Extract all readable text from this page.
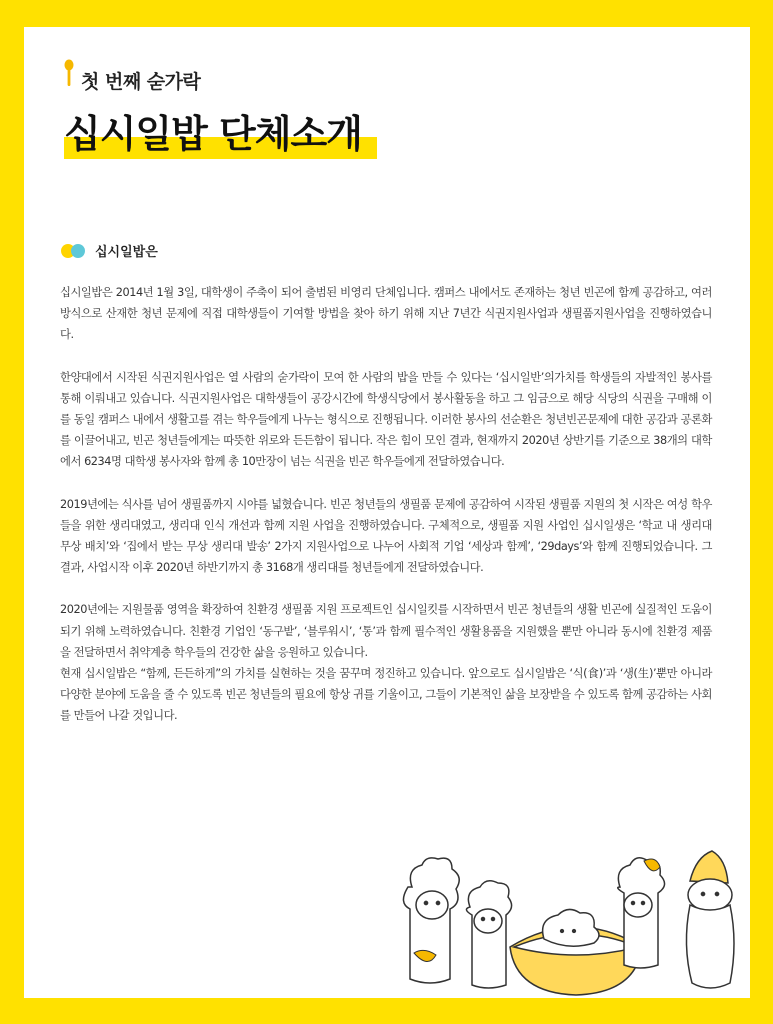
첫 번째 숟가락
십시일밥 단체소개
십시일밥은

십시일밥은 2014년 1월 3일, 대학생이 주축이 되어 출범된 비영리 단체입니다. 캠퍼스 내에서도 존재하는 청년 빈곤에 함께 공감하고, 여러 방식으로 산재한 청년 문제에 직접 대학생들이 기여할 방법을 찾아 하기 위해 지난 7년간 식권지원사업과 생필품지원사업을 진행하였습니다.

한양대에서 시작된 식권지원사업은 열 사람의 숟가락이 모여 한 사람의 밥을 만들 수 있다는 ‘십시일반’의가치를 학생들의 자발적인 봉사를 통해 이뤄내고 있습니다. 식권지원사업은 대학생들이 공강시간에 학생식당에서 봉사활동을 하고 그 임금으로 해당 식당의 식권을 구매해 이를 동일 캠퍼스 내에서 생활고를 겪는 학우들에게 나누는 형식으로 진행됩니다. 이러한 봉사의 선순환은 청년빈곤문제에 대한 공감과 공론화를 이끌어내고, 빈곤 청년들에게는 따뜻한 위로와 든든함이 됩니다. 작은 힘이 모인 결과, 현재까지 2020년 상반기를 기준으로 38개의 대학에서 6234명 대학생 봉사자와 함께 총 10만장이 넘는 식권을 빈곤 학우들에게 전달하였습니다.

2019년에는 식사를 넘어 생필품까지 시야를 넓혔습니다. 빈곤 청년들의 생필품 문제에 공감하여 시작된 생필품 지원의 첫 시작은 여성 학우들을 위한 생리대였고, 생리대 인식 개선과 함께 지원 사업을 진행하였습니다. 구체적으로, 생필품 지원 사업인 십시일생은 ‘학교 내 생리대 무상 배치’와 ‘집에서 받는 무상 생리대 발송’ 2가지 지원사업으로 나누어 사회적 기업 ‘세상과 함께’, ‘29days’와 함께 진행되었습니다. 그 결과, 사업시작 이후 2020년 하반기까지 총 3168개 생리대를 청년들에게 전달하였습니다.

2020년에는 지원물품 영역을 확장하여 친환경 생필품 지원 프로젝트인 십시일킷를 시작하면서 빈곤 청년들의 생활 빈곤에 실질적인 도움이 되기 위해 노력하였습니다. 친환경 기업인 ‘동구밭’, ‘블루워시’, ‘통’과 함께 필수적인 생활용품을 지원했을 뿐만 아니라 동시에 친환경 제품을 전달하면서 취약계층 학우들의 건강한 삶을 응원하고 있습니다.

현재 십시일밥은 “함께, 든든하게”의 가치를 실현하는 것을 꿈꾸며 정진하고 있습니다. 앞으로도 십시일밥은 ‘식(食)’과 ‘생(生)’뿐만 아니라 다양한 분야에 도움을 줄 수 있도록 빈곤 청년들의 필요에 항상 귀를 기울이고, 그들이 기본적인 삶을 보장받을 수 있도록 함께 공감하는 사회를 만들어 나갈 것입니다.
